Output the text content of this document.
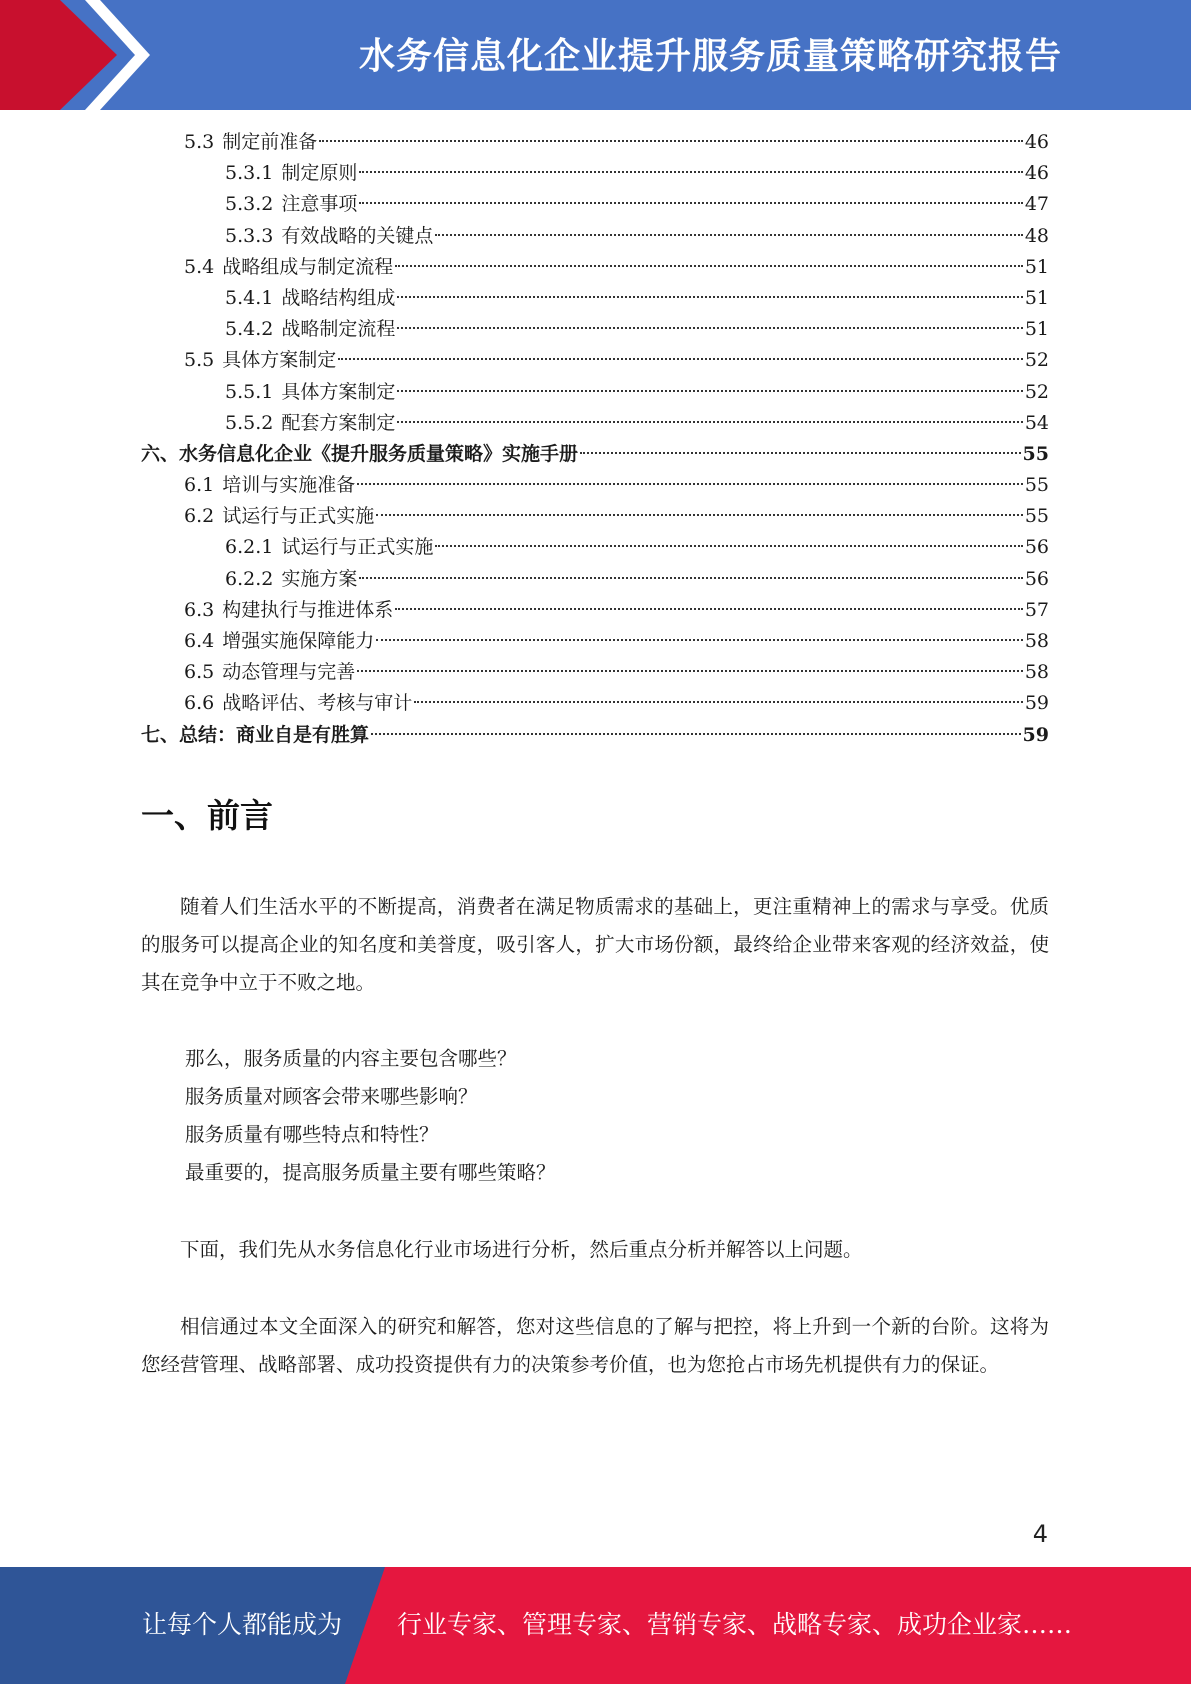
水务信息化企业提升服务质量策略研究报告
5.3 制定前准备	46
5.3.1 制定原则	46
5.3.2 注意事项	47
5.3.3 有效战略的关键点	48
5.4 战略组成与制定流程	51
5.4.1 战略结构组成	51
5.4.2 战略制定流程	51
5.5 具体方案制定	52
5.5.1 具体方案制定	52
5.5.2 配套方案制定	54
六、水务信息化企业《提升服务质量策略》实施手册	55
6.1 培训与实施准备	55
6.2 试运行与正式实施	55
6.2.1 试运行与正式实施	56
6.2.2 实施方案	56
6.3 构建执行与推进体系	57
6.4 增强实施保障能力	58
6.5 动态管理与完善	58
6.6 战略评估、考核与审计	59
七、总结：商业自是有胜算	59
一、前言
随着人们生活水平的不断提高，消费者在满足物质需求的基础上，更注重精神上的需求与享受。优质的服务可以提高企业的知名度和美誉度，吸引客人，扩大市场份额，最终给企业带来客观的经济效益，使其在竞争中立于不败之地。
那么，服务质量的内容主要包含哪些？
服务质量对顾客会带来哪些影响？
服务质量有哪些特点和特性？
最重要的，提高服务质量主要有哪些策略？
下面，我们先从水务信息化行业市场进行分析，然后重点分析并解答以上问题。
相信通过本文全面深入的研究和解答，您对这些信息的了解与把控，将上升到一个新的台阶。这将为您经营管理、战略部署、成功投资提供有力的决策参考价值，也为您抢占市场先机提供有力的保证。
4
让每个人都能成为 行业专家、管理专家、营销专家、战略专家、成功企业家……
